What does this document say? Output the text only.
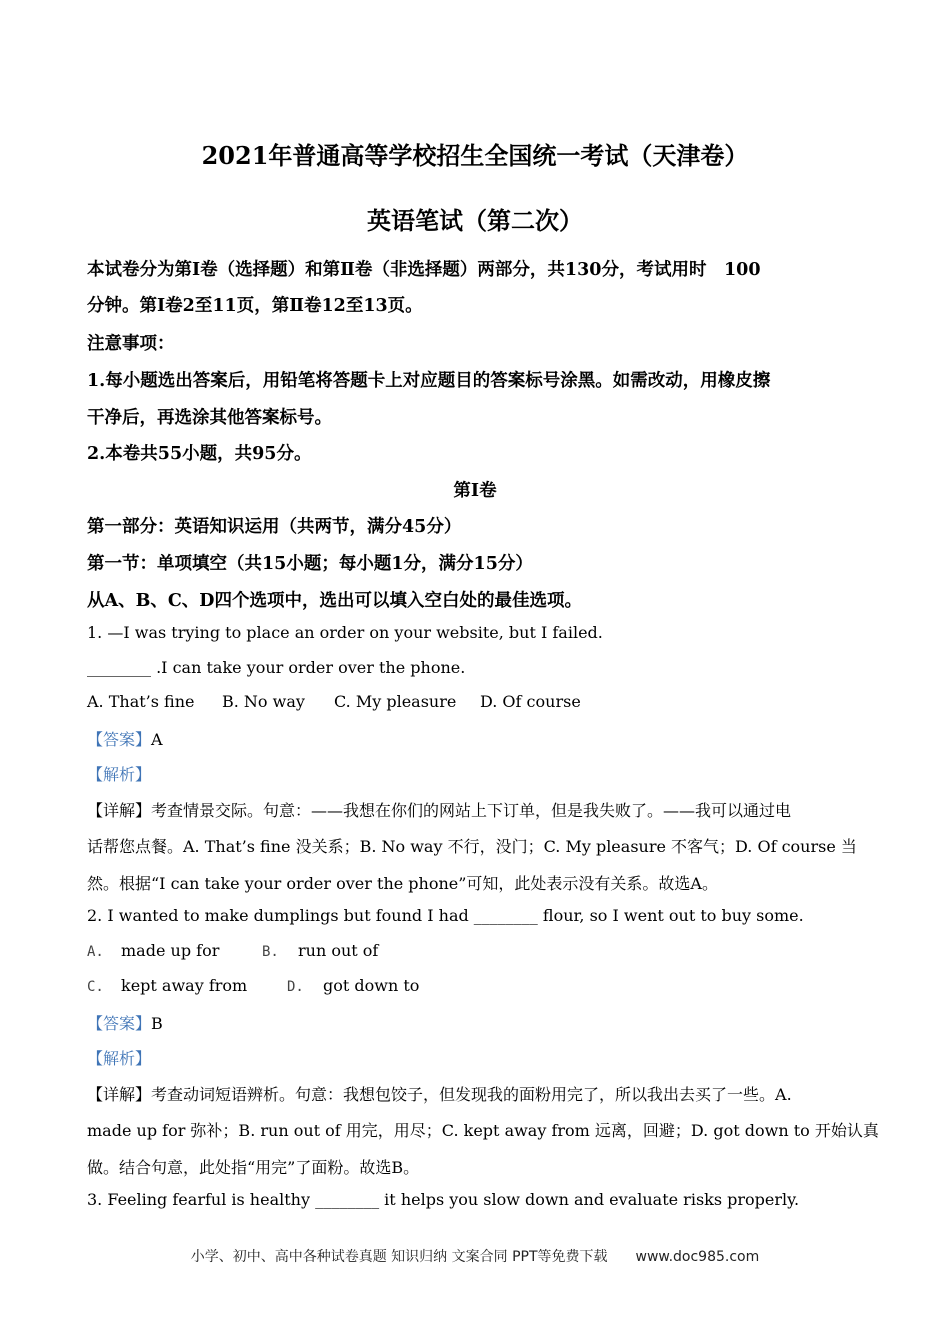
2021年普通高等学校招生全国统一考试（天津卷）
英语笔试（第二次）
本试卷分为第Ⅰ卷（选择题）和第Ⅱ卷（非选择题）两部分，共130分，考试用时　100
分钟。第Ⅰ卷2至11页，第Ⅱ卷12至13页。
注意事项：
1.每小题选出答案后，用铅笔将答题卡上对应题目的答案标号涂黑。如需改动，用橡皮擦
干净后，再选涂其他答案标号。
2.本卷共55小题，共95分。
第Ⅰ卷
第一部分：英语知识运用（共两节，满分45分）
第一节：单项填空（共15小题；每小题1分，满分15分）
从A、B、C、D四个选项中，选出可以填入空白处的最佳选项。
1. —I was trying to place an order on your website, but I failed.
________ .I can take your order over the phone.
A. That’s fine B. No way C. My pleasure D. Of course
【答案】A
【解析】
【详解】考查情景交际。句意：——我想在你们的网站上下订单，但是我失败了。——我可以通过电
话帮您点餐。A. That’s fine 没关系；B. No way 不行，没门；C. My pleasure 不客气；D. Of course 当
然。根据“I can take your order over the phone”可知，此处表示没有关系。故选A。
2. I wanted to make dumplings but found I had ________ flour, so I went out to buy some.
A. made up for	B. run out of
C. kept away from	D. got down to
【答案】B
【解析】
【详解】考查动词短语辨析。句意：我想包饺子，但发现我的面粉用完了，所以我出去买了一些。A.
made up for 弥补；B. run out of 用完，用尽；C. kept away from 远离，回避；D. got down to 开始认真
做。结合句意，此处指“用完”了面粉。故选B。
3. Feeling fearful is healthy ________ it helps you slow down and evaluate risks properly.
小学、初中、高中各种试卷真题 知识归纳 文案合同 PPT等免费下载　　www.doc985.com
